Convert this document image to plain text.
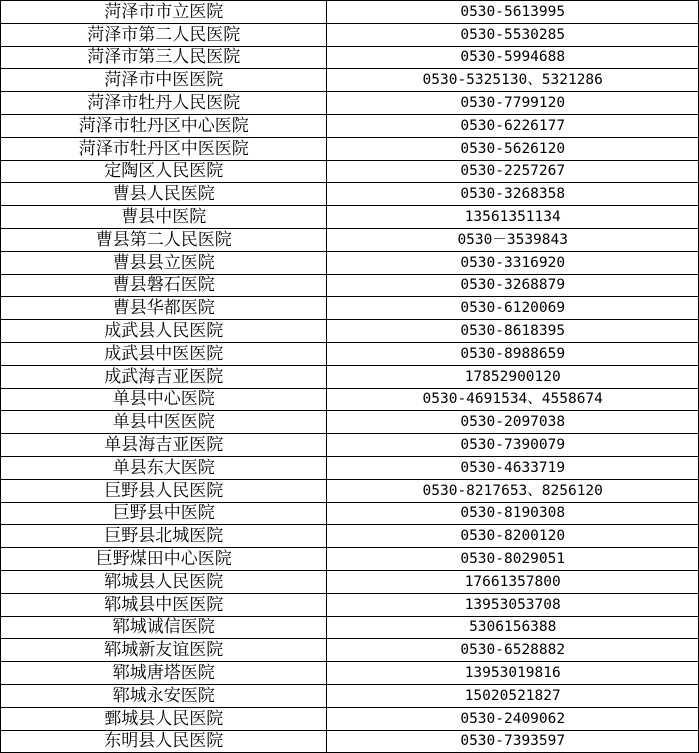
菏泽市市立医院	0530-5613995
菏泽市第二人民医院	0530-5530285
菏泽市第三人民医院	0530-5994688
菏泽市中医医院	0530-5325130、5321286
菏泽市牡丹人民医院	0530-7799120
菏泽市牡丹区中心医院	0530-6226177
菏泽市牡丹区中医医院	0530-5626120
定陶区人民医院	0530-2257267
曹县人民医院	0530-3268358
曹县中医院	13561351134
曹县第二人民医院	0530－3539843
曹县县立医院	0530-3316920
曹县磐石医院	0530-3268879
曹县华都医院	0530-6120069
成武县人民医院	0530-8618395
成武县中医医院	0530-8988659
成武海吉亚医院	17852900120
单县中心医院	0530-4691534、4558674
单县中医医院	0530-2097038
单县海吉亚医院	0530-7390079
单县东大医院	0530-4633719
巨野县人民医院	0530-8217653、8256120
巨野县中医院	0530-8190308
巨野县北城医院	0530-8200120
巨野煤田中心医院	0530-8029051
郓城县人民医院	17661357800
郓城县中医医院	13953053708
郓城诚信医院	5306156388
郓城新友谊医院	0530-6528882
郓城唐塔医院	13953019816
郓城永安医院	15020521827
鄄城县人民医院	0530-2409062
东明县人民医院	0530-7393597
